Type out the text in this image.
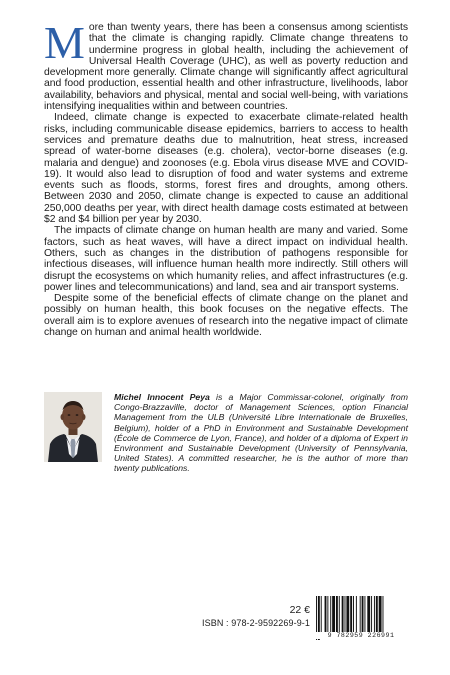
More than twenty years, there has been a consensus among scientists that the climate is changing rapidly. Climate change threatens to undermine progress in global health, including the achievement of Universal Health Coverage (UHC), as well as poverty reduction and development more generally. Climate change will significantly affect agricultural and food production, essential health and other infrastructure, livelihoods, labor availability, behaviors and physical, mental and social well-being, with variations intensifying inequalities within and between countries.

Indeed, climate change is expected to exacerbate climate-related health risks, including communicable disease epidemics, barriers to access to health services and premature deaths due to malnutrition, heat stress, increased spread of water-borne diseases (e.g. cholera), vector-borne diseases (e.g. malaria and dengue) and zoonoses (e.g. Ebola virus disease MVE and COVID-19). It would also lead to disruption of food and water systems and extreme events such as floods, storms, forest fires and droughts, among others. Between 2030 and 2050, climate change is expected to cause an additional 250,000 deaths per year, with direct health damage costs estimated at between $2 and $4 billion per year by 2030.

The impacts of climate change on human health are many and varied. Some factors, such as heat waves, will have a direct impact on individual health. Others, such as changes in the distribution of pathogens responsible for infectious diseases, will influence human health more indirectly. Still others will disrupt the ecosystems on which humanity relies, and affect infrastructures (e.g. power lines and telecommunications) and land, sea and air transport systems.

Despite some of the beneficial effects of climate change on the planet and possibly on human health, this book focuses on the negative effects. The overall aim is to explore avenues of research into the negative impact of climate change on human and animal health worldwide.

Michel Innocent Peya is a Major Commissar-colonel, originally from Congo-Brazzaville, doctor of Management Sciences, option Financial Management from the ULB (Université Libre Internationale de Bruxelles, Belgium), holder of a PhD in Environment and Sustainable Development (École de Commerce de Lyon, France), and holder of a diploma of Expert in Environment and Sustainable Development (University of Pennsylvania, United States). A committed researcher, he is the author of more than twenty publications.
22 €
ISBN : 978-2-9592269-9-1
9 782959 226991
